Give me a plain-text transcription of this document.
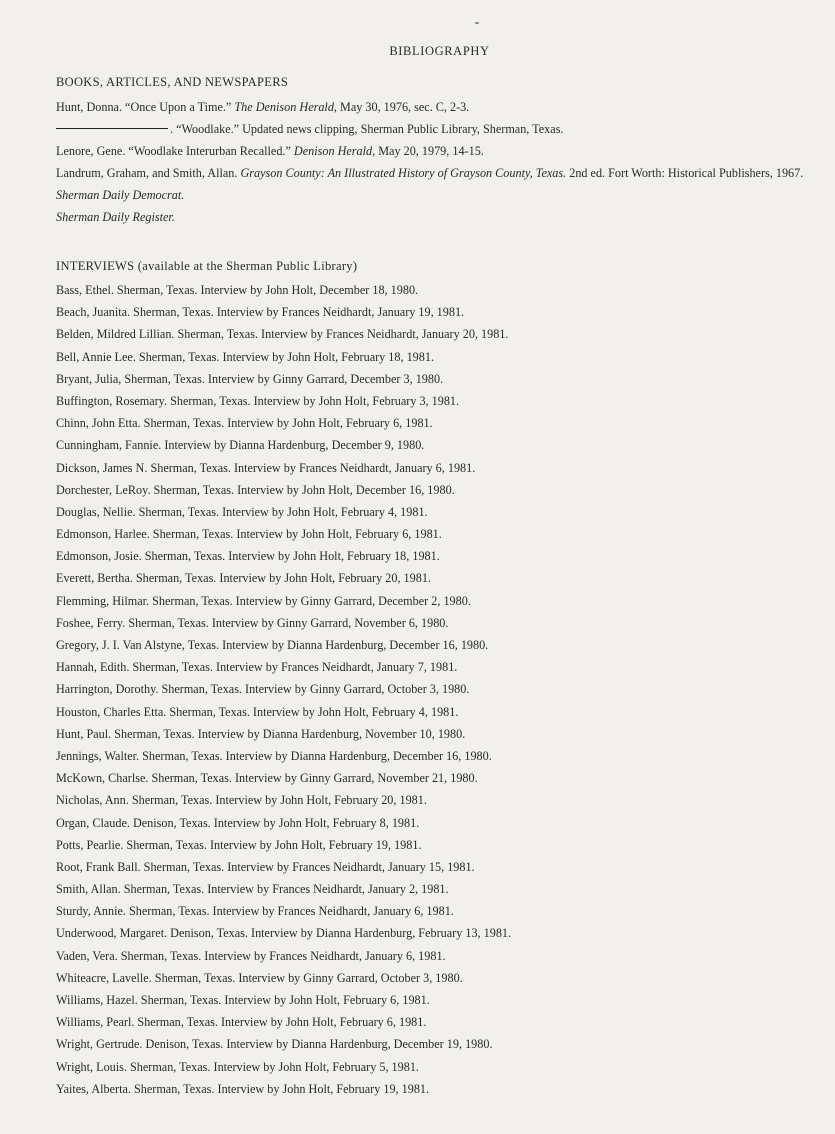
BIBLIOGRAPHY
BOOKS, ARTICLES, AND NEWSPAPERS
Hunt, Donna. “Once Upon a Time.” The Denison Herald, May 30, 1976, sec. C, 2-3.
. “Woodlake.” Updated news clipping, Sherman Public Library, Sherman, Texas.
Lenore, Gene. “Woodlake Interurban Recalled.” Denison Herald, May 20, 1979, 14-15.
Landrum, Graham, and Smith, Allan. Grayson County: An Illustrated History of Grayson County, Texas. 2nd ed. Fort Worth: Historical Publishers, 1967.
Sherman Daily Democrat.
Sherman Daily Register.
INTERVIEWS (available at the Sherman Public Library)
Bass, Ethel. Sherman, Texas. Interview by John Holt, December 18, 1980.
Beach, Juanita. Sherman, Texas. Interview by Frances Neidhardt, January 19, 1981.
Belden, Mildred Lillian. Sherman, Texas. Interview by Frances Neidhardt, January 20, 1981.
Bell, Annie Lee. Sherman, Texas. Interview by John Holt, February 18, 1981.
Bryant, Julia, Sherman, Texas. Interview by Ginny Garrard, December 3, 1980.
Buffington, Rosemary. Sherman, Texas. Interview by John Holt, February 3, 1981.
Chinn, John Etta. Sherman, Texas. Interview by John Holt, February 6, 1981.
Cunningham, Fannie. Interview by Dianna Hardenburg, December 9, 1980.
Dickson, James N. Sherman, Texas. Interview by Frances Neidhardt, January 6, 1981.
Dorchester, LeRoy. Sherman, Texas. Interview by John Holt, December 16, 1980.
Douglas, Nellie. Sherman, Texas. Interview by John Holt, February 4, 1981.
Edmonson, Harlee. Sherman, Texas. Interview by John Holt, February 6, 1981.
Edmonson, Josie. Sherman, Texas. Interview by John Holt, February 18, 1981.
Everett, Bertha. Sherman, Texas. Interview by John Holt, February 20, 1981.
Flemming, Hilmar. Sherman, Texas. Interview by Ginny Garrard, December 2, 1980.
Foshee, Ferry. Sherman, Texas. Interview by Ginny Garrard, November 6, 1980.
Gregory, J. I. Van Alstyne, Texas. Interview by Dianna Hardenburg, December 16, 1980.
Hannah, Edith. Sherman, Texas. Interview by Frances Neidhardt, January 7, 1981.
Harrington, Dorothy. Sherman, Texas. Interview by Ginny Garrard, October 3, 1980.
Houston, Charles Etta. Sherman, Texas. Interview by John Holt, February 4, 1981.
Hunt, Paul. Sherman, Texas. Interview by Dianna Hardenburg, November 10, 1980.
Jennings, Walter. Sherman, Texas. Interview by Dianna Hardenburg, December 16, 1980.
McKown, Charlse. Sherman, Texas. Interview by Ginny Garrard, November 21, 1980.
Nicholas, Ann. Sherman, Texas. Interview by John Holt, February 20, 1981.
Organ, Claude. Denison, Texas. Interview by John Holt, February 8, 1981.
Potts, Pearlie. Sherman, Texas. Interview by John Holt, February 19, 1981.
Root, Frank Ball. Sherman, Texas. Interview by Frances Neidhardt, January 15, 1981.
Smith, Allan. Sherman, Texas. Interview by Frances Neidhardt, January 2, 1981.
Sturdy, Annie. Sherman, Texas. Interview by Frances Neidhardt, January 6, 1981.
Underwood, Margaret. Denison, Texas. Interview by Dianna Hardenburg, February 13, 1981.
Vaden, Vera. Sherman, Texas. Interview by Frances Neidhardt, January 6, 1981.
Whiteacre, Lavelle. Sherman, Texas. Interview by Ginny Garrard, October 3, 1980.
Williams, Hazel. Sherman, Texas. Interview by John Holt, February 6, 1981.
Williams, Pearl. Sherman, Texas. Interview by John Holt, February 6, 1981.
Wright, Gertrude. Denison, Texas. Interview by Dianna Hardenburg, December 19, 1980.
Wright, Louis. Sherman, Texas. Interview by John Holt, February 5, 1981.
Yaites, Alberta. Sherman, Texas. Interview by John Holt, February 19, 1981.
